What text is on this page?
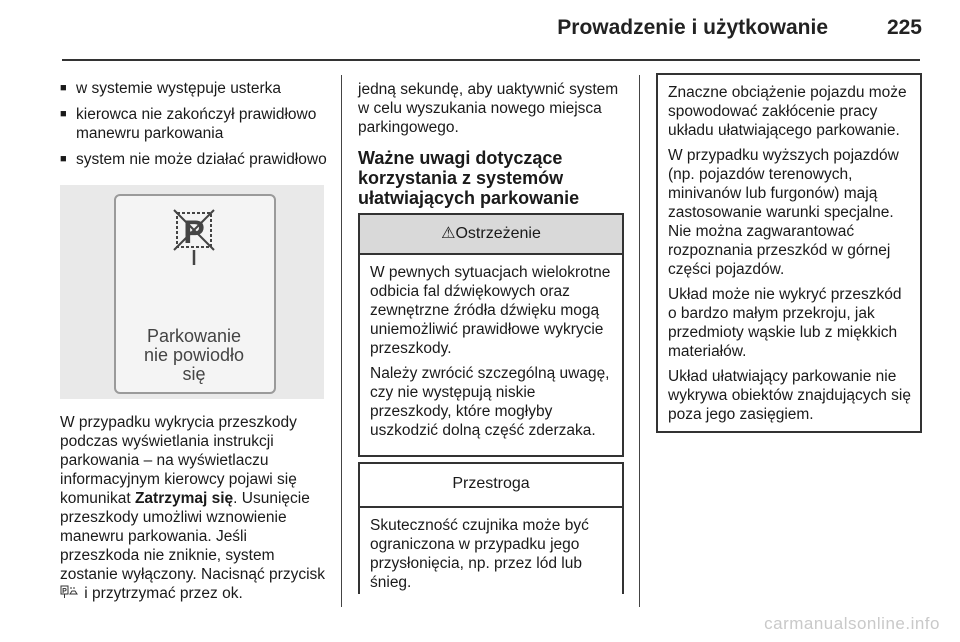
Prowadzenie i użytkowanie	225
■ w systemie występuje usterka
■ kierowca nie zakończył prawidłowo manewru parkowania
■ system nie może działać prawidłowo
P
Parkowanie
nie powiodło
się
W przypadku wykrycia przeszkody podczas wyświetlania instrukcji parkowania – na wyświetlaczu informacyjnym kierowcy pojawi się komunikat Zatrzymaj się. Usunięcie przeszkody umożliwi wznowienie manewru parkowania. Jeśli przeszkoda nie zniknie, system zostanie wyłączony. Nacisnąć przycisk
P i przytrzymać przez ok.
jedną sekundę, aby uaktywnić system w celu wyszukania nowego miejsca parkingowego.
Ważne uwagi dotyczące korzystania z systemów ułatwiających parkowanie
⚠Ostrzeżenie

W pewnych sytuacjach wielokrotne odbicia fal dźwiękowych oraz zewnętrzne źródła dźwięku mogą uniemożliwić prawidłowe wykrycie przeszkody.

Należy zwrócić szczególną uwagę, czy nie występują niskie przeszkody, które mogłyby uszkodzić dolną część zderzaka.

Przestroga

Skuteczność czujnika może być ograniczona w przypadku jego przysłonięcia, np. przez lód lub śnieg.

Znaczne obciążenie pojazdu może spowodować zakłócenie pracy układu ułatwiającego parkowanie.

W przypadku wyższych pojazdów (np. pojazdów terenowych, minivanów lub furgonów) mają zastosowanie warunki specjalne. Nie można zagwarantować rozpoznania przeszkód w górnej części pojazdów.

Układ może nie wykryć przeszkód o bardzo małym przekroju, jak przedmioty wąskie lub z miękkich materiałów.

Układ ułatwiający parkowanie nie wykrywa obiektów znajdujących się poza jego zasięgiem.

carmanualsonline.info
